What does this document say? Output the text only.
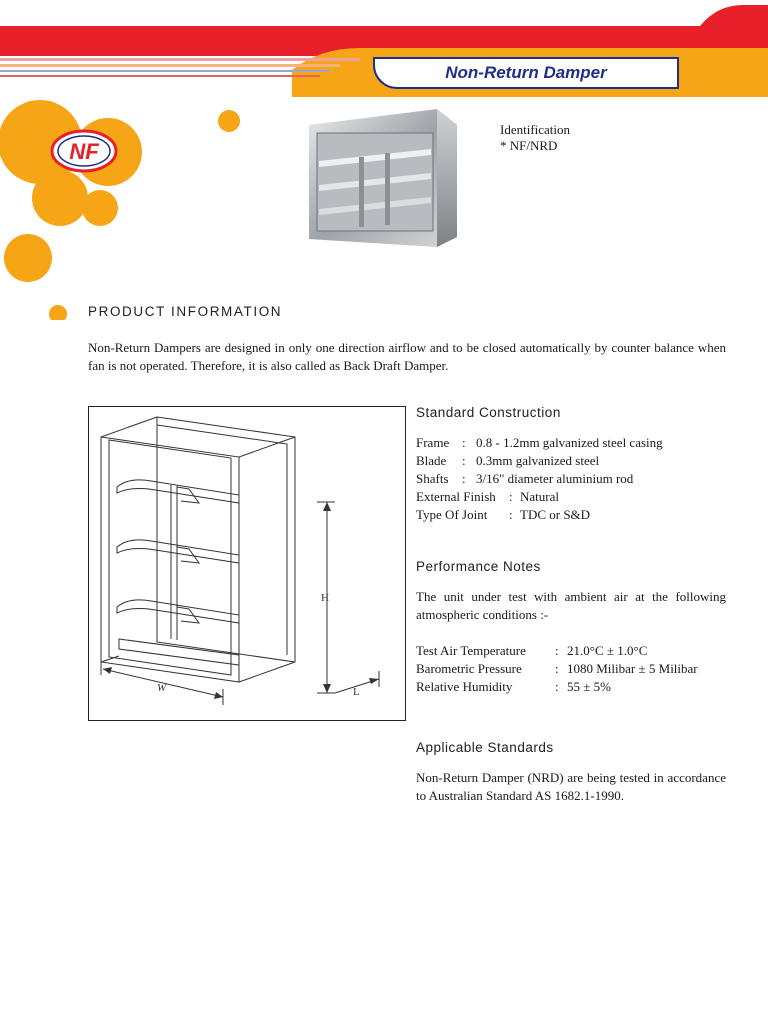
NF
Non-Return Damper
Identification
* NF/NRD
PRODUCT INFORMATION
Non-Return Dampers are designed in only one direction airflow and to be closed automatically by counter balance when fan is not operated. Therefore, it is also called as Back Draft Damper.
H
W	L
Standard Construction
Frame : 0.8 - 1.2mm galvanized steel casing
Blade : 0.3mm galvanized steel
Shafts : 3/16" diameter aluminium rod
External Finish : Natural
Type Of Joint : TDC or S&D
Performance Notes
The unit under test with ambient air at the following atmospheric conditions :-
Test Air Temperature : 21.0°C ± 1.0°C
Barometric Pressure	: 1080 Milibar ± 5 Milibar
Relative Humidity	: 55 ± 5%
Applicable Standards
Non-Return Damper (NRD) are being tested in accordance to Australian Standard AS 1682.1-1990.
